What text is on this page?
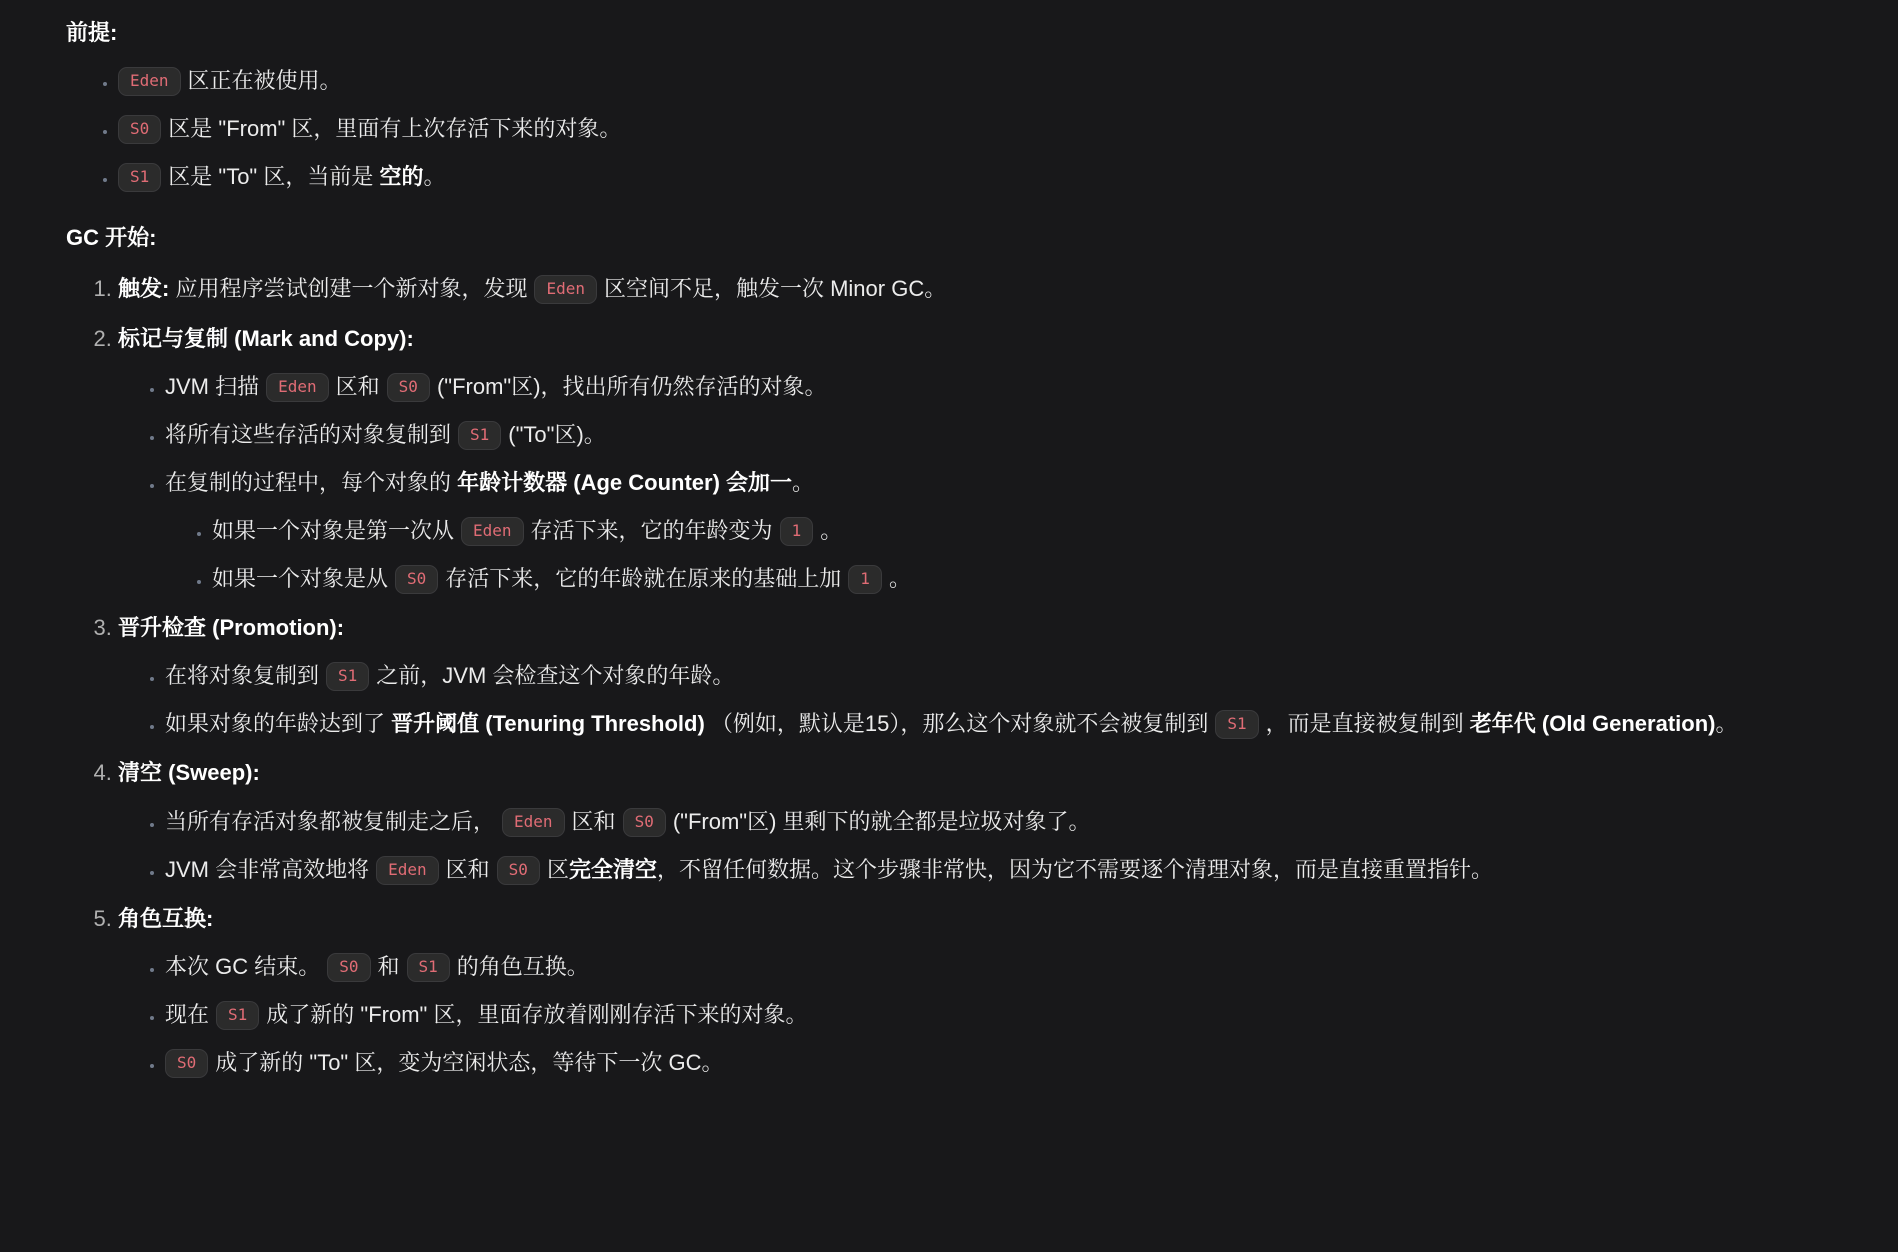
前提:

• Eden 区正在被使用。
• S0 区是 "From" 区，里面有上次存活下来的对象。
• S1 区是 "To" 区，当前是 空的。

GC 开始:

1. 触发: 应用程序尝试创建一个新对象，发现 Eden 区空间不足，触发一次 Minor GC。
2. 标记与复制 (Mark and Copy):
• JVM 扫描 Eden 区和 S0 ("From"区)，找出所有仍然存活的对象。
• 将所有这些存活的对象复制到 S1 ("To"区)。
• 在复制的过程中，每个对象的 年龄计数器 (Age Counter) 会加一。
• 如果一个对象是第一次从 Eden 存活下来，它的年龄变为 1 。
• 如果一个对象是从 S0 存活下来，它的年龄就在原来的基础上加 1 。
3. 晋升检查 (Promotion):
• 在将对象复制到 S1 之前，JVM 会检查这个对象的年龄。
• 如果对象的年龄达到了 晋升阈值 (Tenuring Threshold) （例如，默认是15），那么这个对象就不会被复制到 S1 ，而是直接被复制到 老年代 (Old Generation)。
4. 清空 (Sweep):
• 当所有存活对象都被复制走之后， Eden 区和 S0 ("From"区) 里剩下的就全都是垃圾对象了。
• JVM 会非常高效地将 Eden 区和 S0 区完全清空，不留任何数据。这个步骤非常快，因为它不需要逐个清理对象，而是直接重置指针。
5. 角色互换:
• 本次 GC 结束。 S0 和 S1 的角色互换。
• 现在 S1 成了新的 "From" 区，里面存放着刚刚存活下来的对象。
• S0 成了新的 "To" 区，变为空闲状态，等待下一次 GC。
